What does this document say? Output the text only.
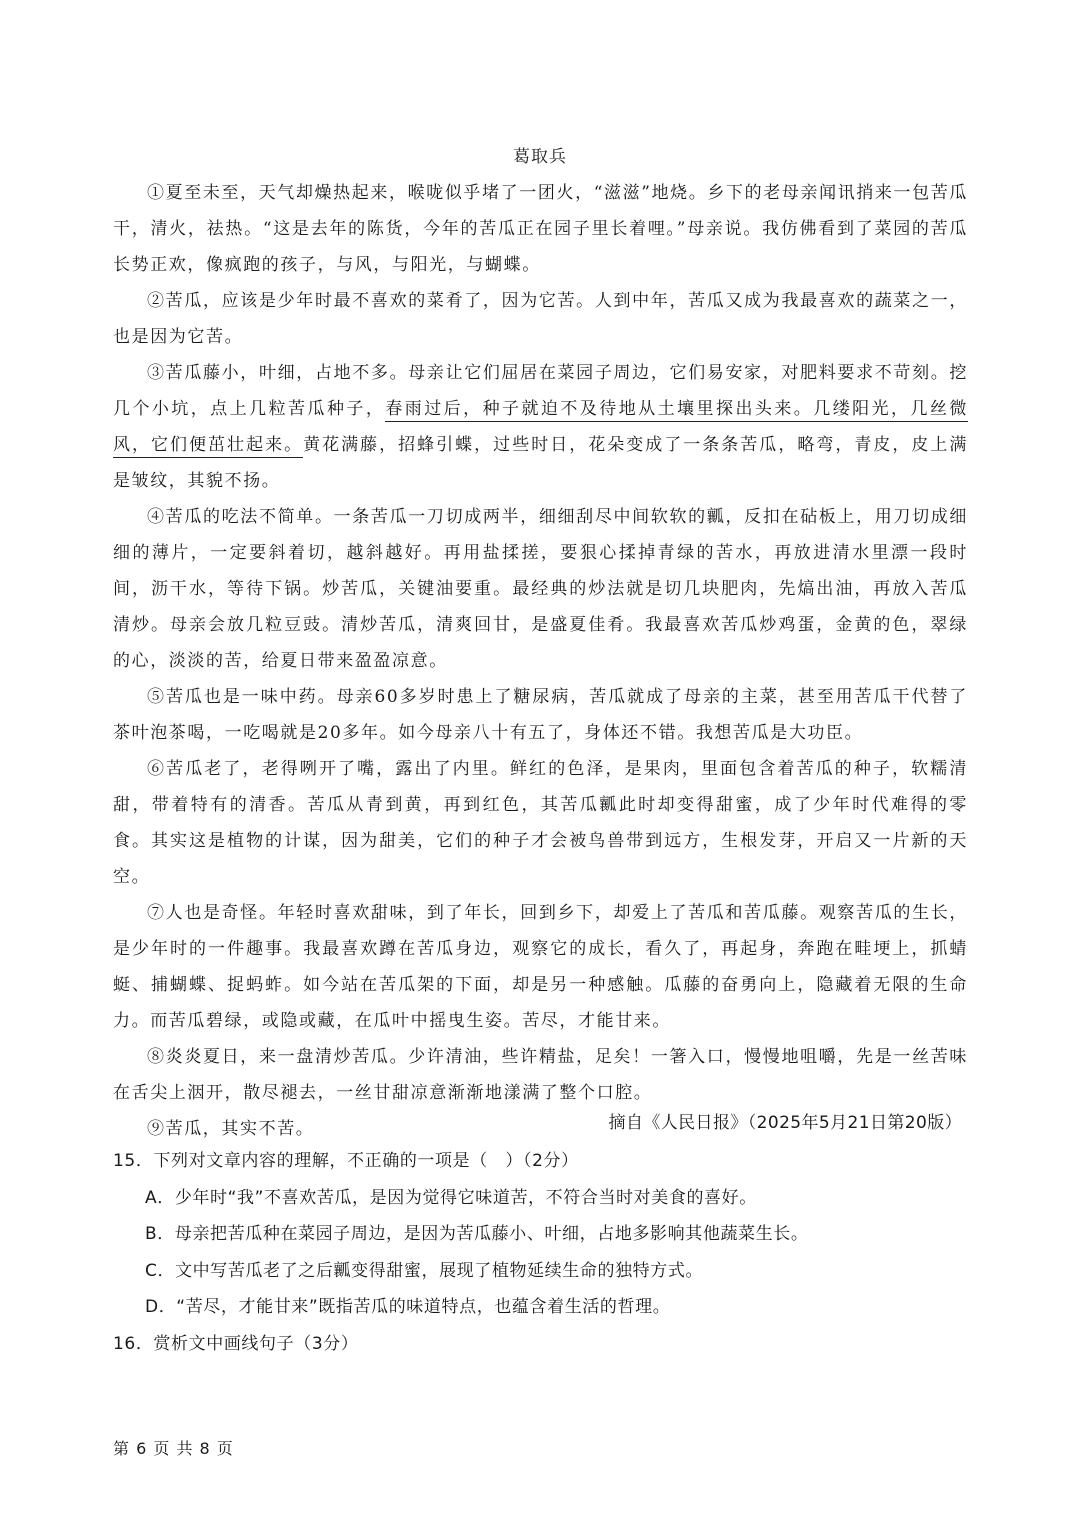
葛取兵

①夏至未至，天气却燥热起来，喉咙似乎堵了一团火，“滋滋”地烧。乡下的老母亲闻讯捎来一包苦瓜干，清火，祛热。“这是去年的陈货，今年的苦瓜正在园子里长着哩。”母亲说。我仿佛看到了菜园的苦瓜长势正欢，像疯跑的孩子，与风，与阳光，与蝴蝶。

②苦瓜，应该是少年时最不喜欢的菜肴了，因为它苦。人到中年，苦瓜又成为我最喜欢的蔬菜之一，也是因为它苦。

③苦瓜藤小，叶细，占地不多。母亲让它们屈居在菜园子周边，它们易安家，对肥料要求不苛刻。挖几个小坑，点上几粒苦瓜种子，春雨过后，种子就迫不及待地从土壤里探出头来。几缕阳光，几丝微风，它们便茁壮起来。黄花满藤，招蜂引蝶，过些时日，花朵变成了一条条苦瓜，略弯，青皮，皮上满是皱纹，其貌不扬。

④苦瓜的吃法不简单。一条苦瓜一刀切成两半，细细刮尽中间软软的瓤，反扣在砧板上，用刀切成细细的薄片，一定要斜着切，越斜越好。再用盐揉搓，要狠心揉掉青绿的苦水，再放进清水里漂一段时间，沥干水，等待下锅。炒苦瓜，关键油要重。最经典的炒法就是切几块肥肉，先熇出油，再放入苦瓜清炒。母亲会放几粒豆豉。清炒苦瓜，清爽回甘，是盛夏佳肴。我最喜欢苦瓜炒鸡蛋，金黄的色，翠绿的心，淡淡的苦，给夏日带来盈盈凉意。

⑤苦瓜也是一味中药。母亲60多岁时患上了糖尿病，苦瓜就成了母亲的主菜，甚至用苦瓜干代替了茶叶泡茶喝，一吃喝就是20多年。如今母亲八十有五了，身体还不错。我想苦瓜是大功臣。

⑥苦瓜老了，老得咧开了嘴，露出了内里。鲜红的色泽，是果肉，里面包含着苦瓜的种子，软糯清甜，带着特有的清香。苦瓜从青到黄，再到红色，其苦瓜瓤此时却变得甜蜜，成了少年时代难得的零食。其实这是植物的计谋，因为甜美，它们的种子才会被鸟兽带到远方，生根发芽，开启又一片新的天空。

⑦人也是奇怪。年轻时喜欢甜味，到了年长，回到乡下，却爱上了苦瓜和苦瓜藤。观察苦瓜的生长，是少年时的一件趣事。我最喜欢蹲在苦瓜身边，观察它的成长，看久了，再起身，奔跑在畦埂上，抓蜻蜓、捕蝴蝶、捉蚂蚱。如今站在苦瓜架的下面，却是另一种感触。瓜藤的奋勇向上，隐藏着无限的生命力。而苦瓜碧绿，或隐或藏，在瓜叶中摇曳生姿。苦尽，才能甘来。

⑧炎炎夏日，来一盘清炒苦瓜。少许清油，些许精盐，足矣！一箸入口，慢慢地咀嚼，先是一丝苦味在舌尖上洇开，散尽褪去，一丝甘甜凉意渐渐地漾满了整个口腔。

⑨苦瓜，其实不苦。	摘自《人民日报》（2025年5月21日第20版）

15．下列对文章内容的理解，不正确的一项是（　）（2分）

A．少年时“我”不喜欢苦瓜，是因为觉得它味道苦，不符合当时对美食的喜好。

B．母亲把苦瓜种在菜园子周边，是因为苦瓜藤小、叶细，占地多影响其他蔬菜生长。

C．文中写苦瓜老了之后瓤变得甜蜜，展现了植物延续生命的独特方式。

D．“苦尽，才能甘来”既指苦瓜的味道特点，也蕴含着生活的哲理。

16．赏析文中画线句子（3分）

第 6 页 共 8 页
